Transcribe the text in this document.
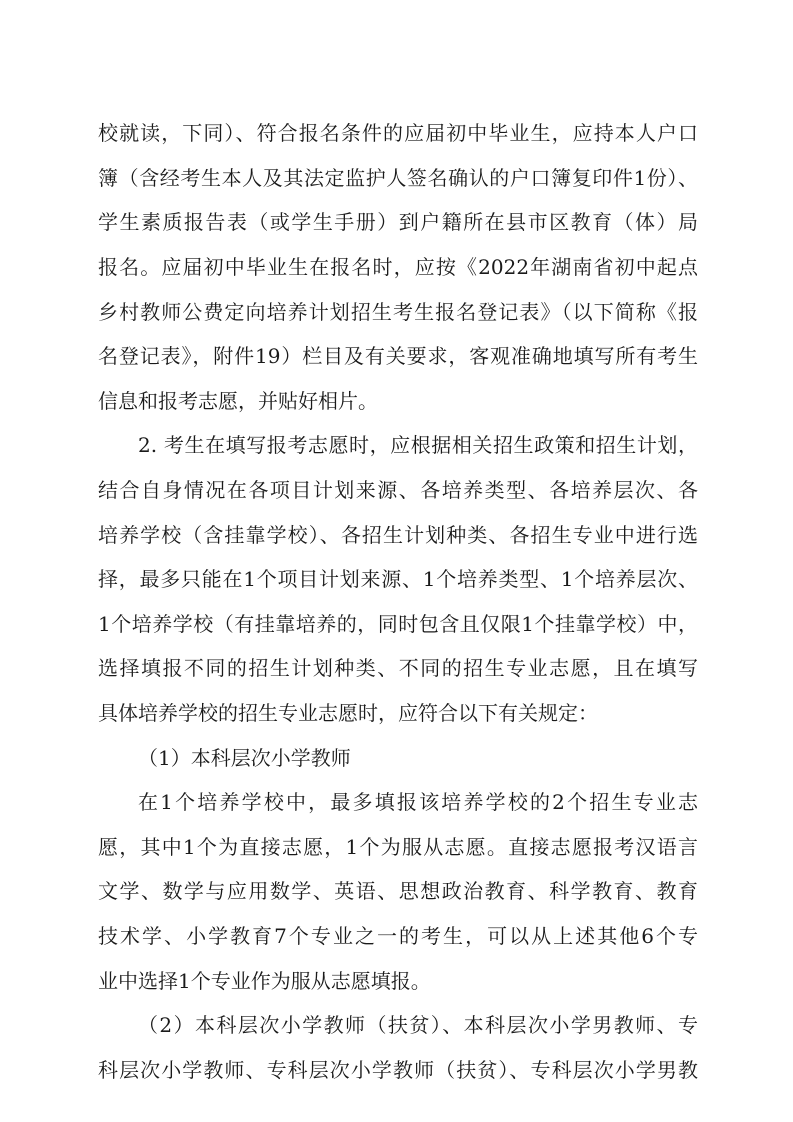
校就读，下同）、符合报名条件的应届初中毕业生，应持本人户口
簿（含经考生本人及其法定监护人签名确认的户口簿复印件1份）、
学生素质报告表（或学生手册）到户籍所在县市区教育（体）局
报名。应届初中毕业生在报名时，应按《2022年湖南省初中起点
乡村教师公费定向培养计划招生考生报名登记表》（以下简称《报
名登记表》，附件19）栏目及有关要求，客观准确地填写所有考生
信息和报考志愿，并贴好相片。
2. 考生在填写报考志愿时，应根据相关招生政策和招生计划，
结合自身情况在各项目计划来源、各培养类型、各培养层次、各
培养学校（含挂靠学校）、各招生计划种类、各招生专业中进行选
择，最多只能在1个项目计划来源、1个培养类型、1个培养层次、
1个培养学校（有挂靠培养的，同时包含且仅限1个挂靠学校）中，
选择填报不同的招生计划种类、不同的招生专业志愿，且在填写
具体培养学校的招生专业志愿时，应符合以下有关规定：
（1）本科层次小学教师
在1个培养学校中，最多填报该培养学校的2个招生专业志
愿，其中1个为直接志愿，1个为服从志愿。直接志愿报考汉语言
文学、数学与应用数学、英语、思想政治教育、科学教育、教育
技术学、小学教育7个专业之一的考生，可以从上述其他6个专
业中选择1个专业作为服从志愿填报。
（2）本科层次小学教师（扶贫）、本科层次小学男教师、专
科层次小学教师、专科层次小学教师（扶贫）、专科层次小学男教
